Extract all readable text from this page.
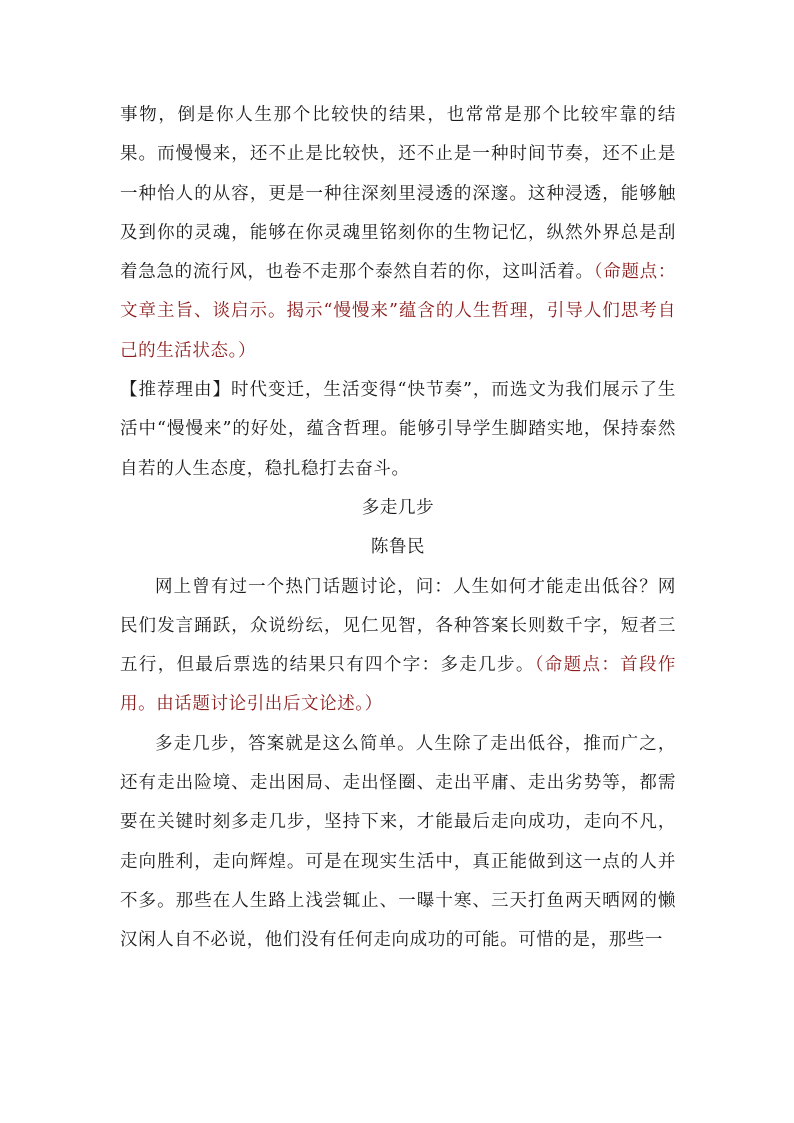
事物，倒是你人生那个比较快的结果，也常常是那个比较牢靠的结果。而慢慢来，还不止是比较快，还不止是一种时间节奏，还不止是一种怡人的从容，更是一种往深刻里浸透的深邃。这种浸透，能够触及到你的灵魂，能够在你灵魂里铭刻你的生物记忆，纵然外界总是刮着急急的流行风，也卷不走那个泰然自若的你，这叫活着。（命题点：文章主旨、谈启示。揭示“慢慢来”蕴含的人生哲理，引导人们思考自己的生活状态。）

【推荐理由】时代变迁，生活变得“快节奏”，而选文为我们展示了生活中“慢慢来”的好处，蕴含哲理。能够引导学生脚踏实地，保持泰然自若的人生态度，稳扎稳打去奋斗。

多走几步

陈鲁民

网上曾有过一个热门话题讨论，问：人生如何才能走出低谷？网民们发言踊跃，众说纷纭，见仁见智，各种答案长则数千字，短者三五行，但最后票选的结果只有四个字：多走几步。（命题点：首段作用。由话题讨论引出后文论述。）

多走几步，答案就是这么简单。人生除了走出低谷，推而广之，还有走出险境、走出困局、走出怪圈、走出平庸、走出劣势等，都需要在关键时刻多走几步，坚持下来，才能最后走向成功，走向不凡，走向胜利，走向辉煌。可是在现实生活中，真正能做到这一点的人并不多。那些在人生路上浅尝辄止、一曝十寒、三天打鱼两天晒网的懒汉闲人自不必说，他们没有任何走向成功的可能。可惜的是，那些一
